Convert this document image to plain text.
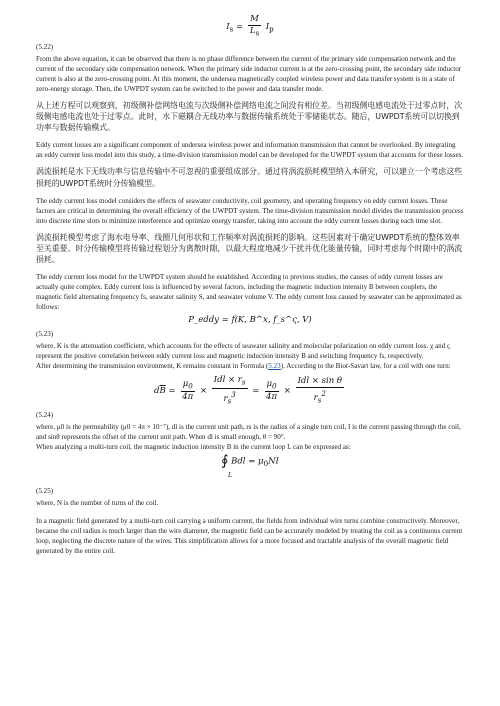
$I_s = \frac{M}{L_s} I_p$
(5.22)

From the above equation, it can be observed that there is no phase difference between the current of the primary side compensation network and the current of the secondary side compensation network. When the primary side inductor current is at the zero-crossing point, the secondary side inductor current is also at the zero-crossing point. At this moment, the undersea magnetically coupled wireless power and data transfer system is in a state of zero-energy storage. Then, the UWPDT system can be switched to the power and data transfer mode.

从上述方程可以观察到，初级侧补偿网络电流与次级侧补偿网络电流之间没有相位差。当初级侧电感电流处于过零点时，次级侧电感电流也处于过零点。此时，水下磁耦合无线功率与数据传输系统处于零储能状态。随后，UWPDT系统可以切换到功率与数据传输模式。

Eddy current losses are a significant component of undersea wireless power and information transmission that cannot be overlooked. By integrating an eddy current loss model into this study, a time-division transmission model can be developed for the UWPDT system that accounts for these losses.

涡流损耗是水下无线功率与信息传输中不可忽视的重要组成部分。通过将涡流损耗模型纳入本研究，可以建立一个考虑这些损耗的UWPDT系统时分传输模型。

The eddy current loss model considers the effects of seawater conductivity, coil geometry, and operating frequency on eddy current losses. These factors are critical in determining the overall efficiency of the UWPDT system. The time-division transmission model divides the transmission process into discrete time slots to minimize interference and optimize energy transfer, taking into account the eddy current losses during each time slot.

涡流损耗模型考虑了海水电导率、线圈几何形状和工作频率对涡流损耗的影响。这些因素对于确定UWPDT系统的整体效率至关重要。时分传输模型将传输过程划分为离散时隙，以最大程度地减少干扰并优化能量传输，同时考虑每个时隙中的涡流损耗。

The eddy current loss model for the UWPDT system should be established. According to previous studies, the causes of eddy current losses are actually quite complex. Eddy current loss is influenced by several factors, including the magnetic induction intensity B between couplers, the magnetic field alternating frequency fs, seawater salinity S, and seawater volume V. The eddy current loss caused by seawater can be approximated as follows:

P_eddy = f(K, B^x, f_s^ς, V)
(5.23)

where, K is the attenuation coefficient, which accounts for the effects of seawater salinity and molecular polarization on eddy current loss. χ and ς represent the positive correlation between eddy current loss and magnetic induction intensity B and switching frequency fs, respectively.

After determining the transmission environment, K remains constant in Formula (5.23). According to the Biot-Savart law, for a coil with one turn:

$d\overline{B} = \frac{\mu_0}{4\pi} \times \frac{Idl \times r_s}{r_s^3} = \frac{\mu_0}{4\pi} \times \frac{\text{Idl × sin θ}}{r_s^2}$
(5.24)

where, μ0 is the permeability (μ0 = 4π × 10⁻⁷), dl is the current unit path, rs is the radius of a single turn coil, I is the current passing through the coil, and sinθ represents the offset of the current unit path. When dl is small enough, θ = 90°.

When analyzing a multi-turn coil, the magnetic induction intensity B in the current loop L can be expressed as:

∮ Bdl = $\mu_0NI$
L
(5.25)

where, N is the number of turns of the coil.

In a magnetic field generated by a multi-turn coil carrying a uniform current, the fields from individual wire turns combine constructively. Moreover, because the coil radius is much larger than the wire diameter, the magnetic field can be accurately modeled by treating the coil as a continuous current loop, neglecting the discrete nature of the wires. This simplification allows for a more focused and tractable analysis of the overall magnetic field generated by the entire coil.
